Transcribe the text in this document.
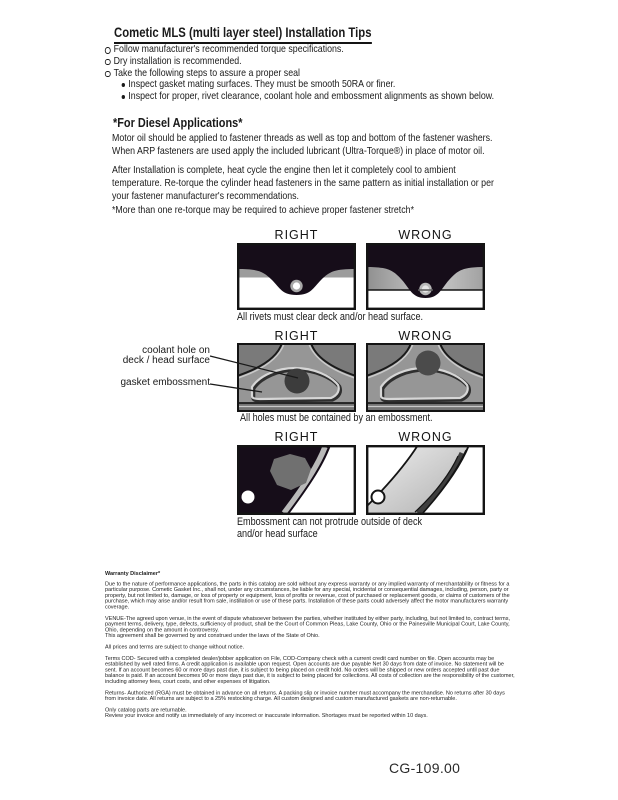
Cometic MLS (multi layer steel) Installation Tips
Follow manufacturer's recommended torque specifications.
Dry installation is recommended.
Take the following steps to assure a proper seal
Inspect gasket mating surfaces. They must be smooth 50RA or finer.
Inspect for proper, rivet clearance, coolant hole and embossment alignments as shown below.
*For Diesel Applications*

Motor oil should be applied to fastener threads as well as top and bottom of the fastener washers. When ARP fasteners are used apply the included lubricant (Ultra-Torque®) in place of motor oil.

After Installation is complete, heat cycle the engine then let it completely cool to ambient temperature. Re-torque the cylinder head fasteners in the same pattern as initial installation or per your fastener manufacturer's recommendations.

*More than one re-torque may be required to achieve proper fastener stretch*

RIGHT	WRONG

All rivets must clear deck and/or head surface.

RIGHT	WRONG

coolant hole on
deck / head surface

gasket embossment

All holes must be contained by an embossment.

RIGHT	WRONG

Embossment can not protrude outside of deck
and/or head surface

Warranty Disclaimer*

Due to the nature of performance applications, the parts in this catalog are sold without any express warranty or any implied warranty of merchantability or fitness for a particular purpose. Cometic Gasket Inc., shall not, under any circumstances, be liable for any special, incidental or consequential damages, including, person, party or property, but not limited to, damage, or loss of property or equipment, loss of profits or revenue, cost of purchased or replacement goods, or claims of customers of the purchase, which may arise and/or result from sale, instillation or use of these parts. Installation of these parts could adversely affect the motor manufacturers warranty coverage.

VENUE-The agreed upon venue, in the event of dispute whatsoever between the parties, whether instituted by either party, including, but not limited to, contract terms, payment terms, delivery, type, defects, sufficiency of product, shall be the Court of Common Pleas, Lake County, Ohio or the Painesville Municipal Court, Lake County, Ohio, depending on the amount in controversy.

This agreement shall be governed by and construed under the laws of the State of Ohio.

All prices and terms are subject to change without notice.

Terms COD- Secured with a completed dealer/jobber application on File, COD-Company check with a current credit card number on file. Open accounts may be established by well rated firms. A credit application is available upon request. Open accounts are due payable Net 30 days from date of invoice. No statement will be sent. If an account becomes 60 or more days past due, it is subject to being placed on credit hold. No orders will be shipped or new orders accepted until past due balance is paid. If an account becomes 90 or more days past due, it is subject to being placed for collections. All costs of collection are the responsibility of the customer, including attorney fees, court costs, and other expenses of litigation.

Returns- Authorized (RGA) must be obtained in advance on all returns. A packing slip or invoice number must accompany the merchandise. No returns after 30 days from invoice date. All returns are subject to a 25% restocking charge. All custom designed and custom manufactured gaskets are non-returnable.

Only catalog parts are returnable.

Review your invoice and notify us immediately of any incorrect or inaccurate information. Shortages must be reported within 10 days.

CG-109.00
